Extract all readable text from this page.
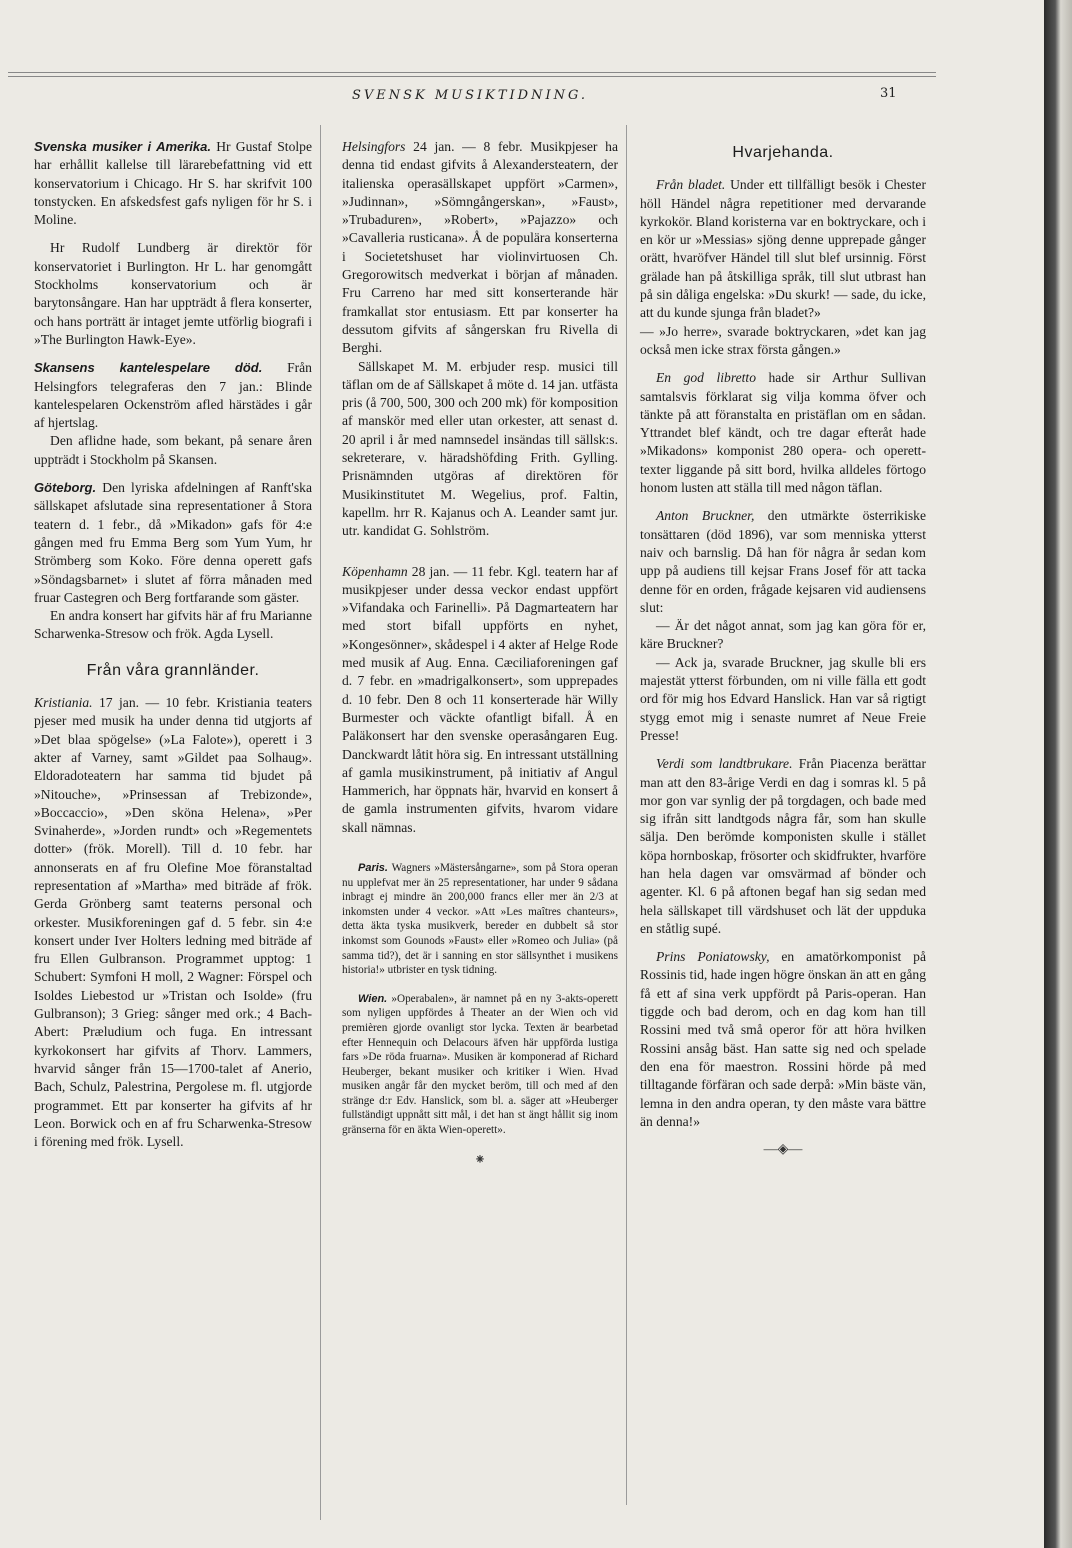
SVENSK MUSIKTIDNING.	31

Svenska musiker i Amerika. Hr Gustaf Stolpe har erhållit kallelse till lärarebefattning vid ett konservatorium i Chicago. Hr S. har skrifvit 100 tonstycken. En afskedsfest gafs nyligen för hr S. i Moline.

Hr Rudolf Lundberg är direktör för konservatoriet i Burlington. Hr L. har genomgått Stockholms konservatorium och är barytonsångare. Han har uppträdt å flera konserter, och hans porträtt är intaget jemte utförlig biografi i »The Burlington Hawk-Eye».

Skansens kantelespelare död. Från Helsingfors telegraferas den 7 jan.: Blinde kantelespelaren Ockenström afled härstädes i går af hjertslag.

Den aflidne hade, som bekant, på senare åren uppträdt i Stockholm på Skansen.

Göteborg. Den lyriska afdelningen af Ranft'ska sällskapet afslutade sina representationer å Stora teatern d. 1 febr., då »Mikadon» gafs för 4:e gången med fru Emma Berg som Yum Yum, hr Strömberg som Koko. Före denna operett gafs »Söndagsbarnet» i slutet af förra månaden med fruar Castegren och Berg fortfarande som gäster.

En andra konsert har gifvits här af fru Marianne Scharwenka-Stresow och frök. Agda Lysell.

Från våra grannländer.

Kristiania. 17 jan. — 10 febr. Kristiania teaters pjeser med musik ha under denna tid utgjorts af »Det blaa spögelse» (»La Falote»), operett i 3 akter af Varney, samt »Gildet paa Solhaug». Eldoradoteatern har samma tid bjudet på »Nitouche», »Prinsessan af Trebizonde», »Boccaccio», »Den sköna Helena», »Per Svinaherde», »Jorden rundt» och »Regementets dotter» (frök. Morell). Till d. 10 febr. har annonserats en af fru Olefine Moe föranstaltad representation af »Martha» med biträde af frök. Gerda Grönberg samt teaterns personal och orkester. Musikforeningen gaf d. 5 febr. sin 4:e konsert under Iver Holters ledning med biträde af fru Ellen Gulbranson. Programmet upptog: 1 Schubert: Symfoni H moll, 2 Wagner: Förspel och Isoldes Liebestod ur »Tristan och Isolde» (fru Gulbranson); 3 Grieg: sånger med ork.; 4 Bach-Abert: Præludium och fuga. En intressant kyrkokonsert har gifvits af Thorv. Lammers, hvarvid sånger från 15—1700-talet af Anerio, Bach, Schulz, Palestrina, Pergolese m. fl. utgjorde programmet. Ett par konserter ha gifvits af hr Leon. Borwick och en af fru Scharwenka-Stresow i förening med frök. Lysell.

Helsingfors 24 jan. — 8 febr. Musikpjeser ha denna tid endast gifvits å Alexandersteatern, der italienska operasällskapet uppfört »Carmen», »Judinnan», »Sömngångerskan», »Faust», »Trubaduren», »Robert», »Pajazzo» och »Cavalleria rusticana». Å de populära konserterna i Societetshuset har violinvirtuosen Ch. Gregorowitsch medverkat i början af månaden. Fru Carreno har med sitt konserterande här framkallat stor entusiasm. Ett par konserter ha dessutom gifvits af sångerskan fru Rivella di Berghi.

Sällskapet M. M. erbjuder resp. musici till täflan om de af Sällskapet å möte d. 14 jan. utfästa pris (å 700, 500, 300 och 200 mk) för komposition af manskör med eller utan orkester, att senast d. 20 april i år med namnsedel insändas till sällsk:s. sekreterare, v. häradshöfding Frith. Gylling. Prisnämnden utgöras af direktören för Musikinstitutet M. Wegelius, prof. Faltin, kapellm. hrr R. Kajanus och A. Leander samt jur. utr. kandidat G. Sohlström.

Köpenhamn 28 jan. — 11 febr. Kgl. teatern har af musikpjeser under dessa veckor endast uppfört »Vifandaka och Farinelli». På Dagmarteatern har med stort bifall uppförts en nyhet, »Kongesönner», skådespel i 4 akter af Helge Rode med musik af Aug. Enna. Cæciliaforeningen gaf d. 7 febr. en »madrigalkonsert», som upprepades d. 10 febr. Den 8 och 11 konserterade här Willy Burmester och väckte ofantligt bifall. Å en Paläkonsert har den svenske operasångaren Eug. Danckwardt låtit höra sig. En intressant utställning af gamla musikinstrument, på initiativ af Angul Hammerich, har öppnats här, hvarvid en konsert å de gamla instrumenten gifvits, hvarom vidare skall nämnas.

Paris. Wagners »Mästersångarne», som på Stora operan nu upplefvat mer än 25 representationer, har under 9 sådana inbragt ej mindre än 200,000 francs eller mer än 2/3 at inkomsten under 4 veckor. »Att »Les maîtres chanteurs», detta äkta tyska musikverk, bereder en dubbelt så stor inkomst som Gounods »Faust» eller »Romeo och Julia» (på samma tid?), det är i sanning en stor sällsynthet i musikens historia!» utbrister en tysk tidning.

Wien. »Operabalen», är namnet på en ny 3-akts-operett som nyligen uppfördes å Theater an der Wien och vid premièren gjorde ovanligt stor lycka. Texten är bearbetad efter Hennequin och Delacours äfven här uppförda lustiga fars »De röda fruarna». Musiken är komponerad af Richard Heuberger, bekant musiker och kritiker i Wien. Hvad musiken angår får den mycket beröm, till och med af den stränge d:r Edv. Hanslick, som bl. a. säger att »Heuberger fullständigt uppnått sitt mål, i det han st ängt hållit sig inom gränserna för en äkta Wien-operett».

⁕
Hvarjehanda.

Från bladet. Under ett tillfälligt besök i Chester höll Händel några repetitioner med dervarande kyrkokör. Bland koristerna var en boktryckare, och i en kör ur »Messias» sjöng denne upprepade gånger orätt, hvaröfver Händel till slut blef ursinnig. Först grälade han på åtskilliga språk, till slut utbrast han på sin dåliga engelska: »Du skurk! — sade, du icke, att du kunde sjunga från bladet?»

— »Jo herre», svarade boktryckaren, »det kan jag också men icke strax första gången.»

En god libretto hade sir Arthur Sullivan samtalsvis förklarat sig vilja komma öfver och tänkte på att föranstalta en pristäflan om en sådan. Yttrandet blef kändt, och tre dagar efteråt hade »Mikadons» komponist 280 opera- och operett-texter liggande på sitt bord, hvilka alldeles förtogo honom lusten att ställa till med någon täflan.

Anton Bruckner, den utmärkte österrikiske tonsättaren (död 1896), var som menniska ytterst naiv och barnslig. Då han för några år sedan kom upp på audiens till kejsar Frans Josef för att tacka denne för en orden, frågade kejsaren vid audiensens slut:

— Är det något annat, som jag kan göra för er, käre Bruckner?

— Ack ja, svarade Bruckner, jag skulle bli ers majestät ytterst förbunden, om ni ville fälla ett godt ord för mig hos Edvard Hanslick. Han var så rigtigt stygg emot mig i senaste numret af Neue Freie Presse!

Verdi som landtbrukare. Från Piacenza berättar man att den 83-årige Verdi en dag i somras kl. 5 på mor gon var synlig der på torgdagen, och bade med sig ifrån sitt landtgods några får, som han skulle sälja. Den berömde komponisten skulle i stället köpa hornboskap, frösorter och skidfrukter, hvarföre han hela dagen var omsvärmad af bönder och agenter. Kl. 6 på aftonen begaf han sig sedan med hela sällskapet till värdshuset och lät der uppduka en ståtlig supé.

Prins Poniatowsky, en amatörkomponist på Rossinis tid, hade ingen högre önskan än att en gång få ett af sina verk uppfördt på Paris-operan. Han tiggde och bad derom, och en dag kom han till Rossini med två små operor för att höra hvilken Rossini ansåg bäst. Han satte sig ned och spelade den ena för maestron. Rossini hörde på med tilltagande förfäran och sade derpå: »Min bäste vän, lemna in den andra operan, ty den måste vara bättre än denna!»

—◈—
